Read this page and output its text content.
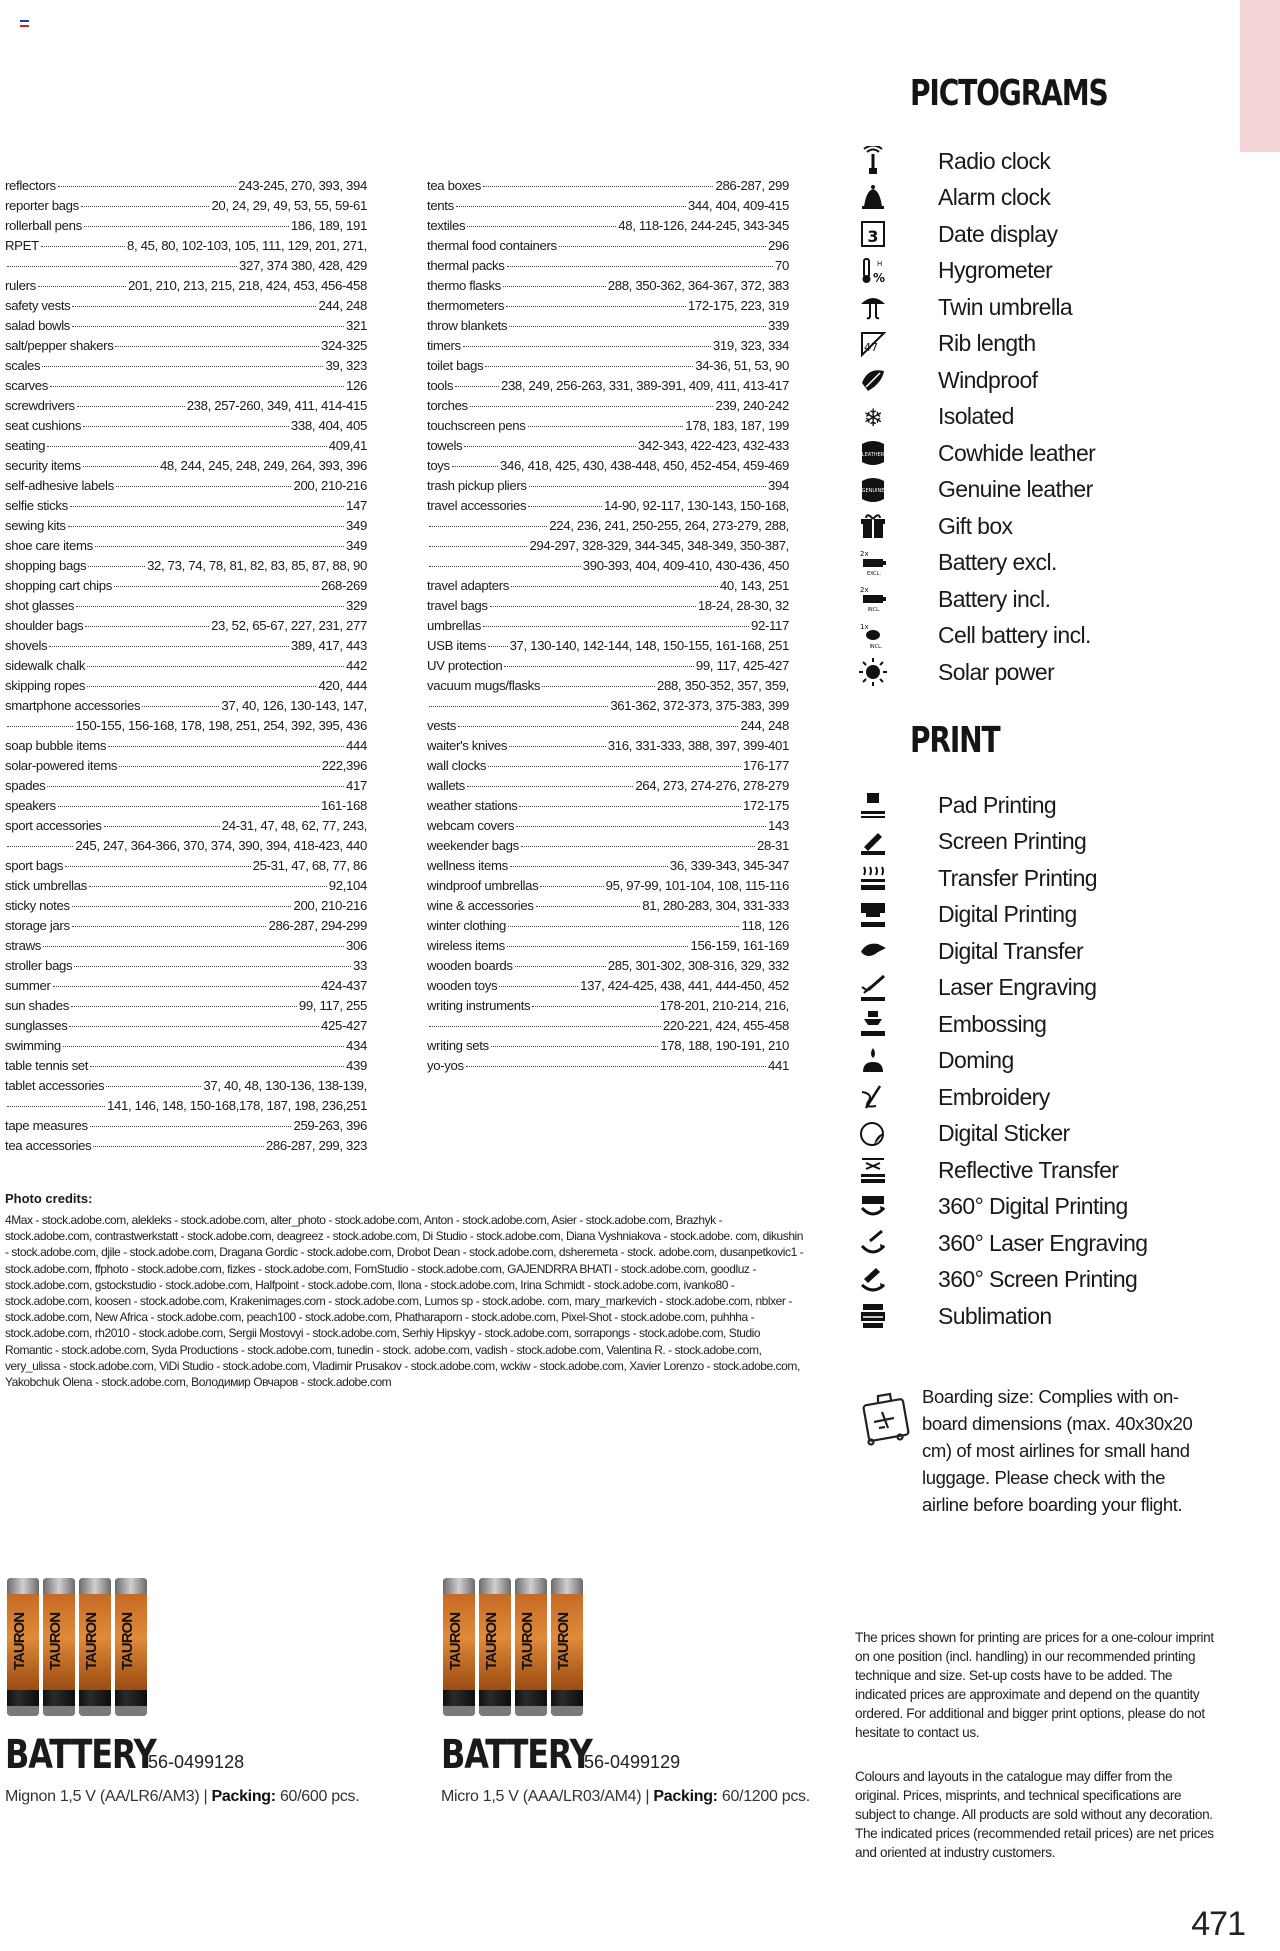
reflectors	243-245, 270, 393, 394
reporter bags	20, 24, 29, 49, 53, 55, 59-61
rollerball pens	186, 189, 191
RPET	8, 45, 80, 102-103, 105, 111, 129, 201, 271,
327, 374 380, 428, 429
rulers	201, 210, 213, 215, 218, 424, 453, 456-458
safety vests	244, 248
salad bowls	321
salt/pepper shakers	324-325
scales	39, 323
scarves	126
screwdrivers	238, 257-260, 349, 411, 414-415
seat cushions	338, 404, 405
seating	409,41
security items	48, 244, 245, 248, 249, 264, 393, 396
self-adhesive labels	200, 210-216
selfie sticks	147
sewing kits	349
shoe care items	349
shopping bags	32, 73, 74, 78, 81, 82, 83, 85, 87, 88, 90
shopping cart chips	268-269
shot glasses	329
shoulder bags	23, 52, 65-67, 227, 231, 277
shovels	389, 417, 443
sidewalk chalk	442
skipping ropes	420, 444
smartphone accessories	37, 40, 126, 130-143, 147,
150-155, 156-168, 178, 198, 251, 254, 392, 395, 436
soap bubble items	444
solar-powered items	222,396
spades	417
speakers	161-168
sport accessories	24-31, 47, 48, 62, 77, 243,
245, 247, 364-366, 370, 374, 390, 394, 418-423, 440
sport bags	25-31, 47, 68, 77, 86
stick umbrellas	92,104
sticky notes	200, 210-216
storage jars	286-287, 294-299
straws	306
stroller bags	33
summer	424-437
sun shades	99, 117, 255
sunglasses	425-427
swimming	434
table tennis set	439
tablet accessories	37, 40, 48, 130-136, 138-139,
141, 146, 148, 150-168,178, 187, 198, 236,251
tape measures	259-263, 396
tea accessories	286-287, 299, 323
tea boxes	286-287, 299
tents	344, 404, 409-415
textiles	48, 118-126, 244-245, 343-345
thermal food containers	296
thermal packs	70
thermo flasks	288, 350-362, 364-367, 372, 383
thermometers	172-175, 223, 319
throw blankets	339
timers	319, 323, 334
toilet bags	34-36, 51, 53, 90
tools	238, 249, 256-263, 331, 389-391, 409, 411, 413-417
torches	239, 240-242
touchscreen pens	178, 183, 187, 199
towels	342-343, 422-423, 432-433
toys	346, 418, 425, 430, 438-448, 450, 452-454, 459-469
trash pickup pliers	394
travel accessories	14-90, 92-117, 130-143, 150-168,
224, 236, 241, 250-255, 264, 273-279, 288,
294-297, 328-329, 344-345, 348-349, 350-387,
390-393, 404, 409-410, 430-436, 450
travel adapters	40, 143, 251
travel bags	18-24, 28-30, 32
umbrellas	92-117
USB items 37, 130-140, 142-144, 148, 150-155, 161-168, 251
UV protection	99, 117, 425-427
vacuum mugs/flasks	288, 350-352, 357, 359,
361-362, 372-373, 375-383, 399
vests	244, 248
waiter's knives	316, 331-333, 388, 397, 399-401
wall clocks	176-177
wallets	264, 273, 274-276, 278-279
weather stations	172-175
webcam covers	143
weekender bags	28-31
wellness items	36, 339-343, 345-347
windproof umbrellas	95, 97-99, 101-104, 108, 115-116
wine & accessories	81, 280-283, 304, 331-333
winter clothing	118, 126
wireless items	156-159, 161-169
wooden boards	285, 301-302, 308-316, 329, 332
wooden toys	137, 424-425, 438, 441, 444-450, 452
writing instruments	178-201, 210-214, 216,
220-221, 424, 455-458
writing sets	178, 188, 190-191, 210
yo-yos	441
Photo credits:
4Max - stock.adobe.com, alekleks - stock.adobe.com, alter_photo - stock.adobe.com, Anton - stock.adobe.com, Asier - stock.adobe.com, Brazhyk - stock.adobe.com, contrastwerkstatt - stock.adobe.com, deagreez - stock.adobe.com, Di Studio - stock.adobe.com, Diana Vyshniakova - stock.adobe. com, dikushin - stock.adobe.com, djile - stock.adobe.com, Dragana Gordic - stock.adobe.com, Drobot Dean - stock.adobe.com, dsheremeta - stock. adobe.com, dusanpetkovic1 - stock.adobe.com, ffphoto - stock.adobe.com, fizkes - stock.adobe.com, FomStudio - stock.adobe.com, GAJENDRRA BHATI - stock.adobe.com, goodluz - stock.adobe.com, gstockstudio - stock.adobe.com, Halfpoint - stock.adobe.com, Ilona - stock.adobe.com, Irina Schmidt - stock.adobe.com, ivanko80 - stock.adobe.com, koosen - stock.adobe.com, Krakenimages.com - stock.adobe.com, Lumos sp - stock.adobe. com, mary_markevich - stock.adobe.com, nblxer - stock.adobe.com, New Africa - stock.adobe.com, peach100 - stock.adobe.com, Phatharaporn - stock.adobe.com, Pixel-Shot - stock.adobe.com, puhhha - stock.adobe.com, rh2010 - stock.adobe.com, Sergii Mostovyi - stock.adobe.com, Serhiy Hipskyy - stock.adobe.com, sorrapongs - stock.adobe.com, Studio Romantic - stock.adobe.com, Syda Productions - stock.adobe.com, tunedin - stock. adobe.com, vadish - stock.adobe.com, Valentina R. - stock.adobe.com, very_ulissa - stock.adobe.com, ViDi Studio - stock.adobe.com, Vladimir Prusakov - stock.adobe.com, wckiw - stock.adobe.com, Xavier Lorenzo - stock.adobe.com, Yakobchuk Olena - stock.adobe.com, Володимир Овчаров - stock.adobe.com
PICTOGRAMS
Radio clock
Alarm clock
3	Date display
%
H Hygrometer
Twin umbrella
47	Rib length
Windproof
❄ Isolated
LEATHER Cowhide leather
GENUINE Genuine leather
Gift box
2x
EXCL. Battery excl.
2x
INCL. Battery incl.
1x
INCL. Cell battery incl.
Solar power
PRINT
Pad Printing
Screen Printing
Transfer Printing
Digital Printing
Digital Transfer
Laser Engraving
Embossing
Doming
Embroidery
Digital Sticker
Reflective Transfer
360° Digital Printing
360° Laser Engraving
360° Screen Printing
Sublimation
Boarding size: Complies with on-board dimensions (max. 40x30x20 cm) of most airlines for small hand luggage. Please check with the airline before boarding your flight.
TAURON	TAURON	TAURON	TAURON
BATTERY
56-0499128
Mignon 1,5 V (AA/LR6/AM3) | Packing: 60/600 pcs.
TAURON	TAURON	TAURON	TAURON
BATTERY
56-0499129
Micro 1,5 V (AAA/LR03/AM4) | Packing: 60/1200 pcs.
The prices shown for printing are prices for a one-colour imprint on one position (incl. handling) in our recommended printing technique and size. Set-up costs have to be added. The indicated prices are approximate and depend on the quantity ordered. For additional and bigger print options, please do not hesitate to contact us.
Colours and layouts in the catalogue may differ from the original. Prices, misprints, and technical specifications are subject to change. All products are sold without any decoration. The indicated prices (recommended retail prices) are net prices and oriented at industry customers.
471
